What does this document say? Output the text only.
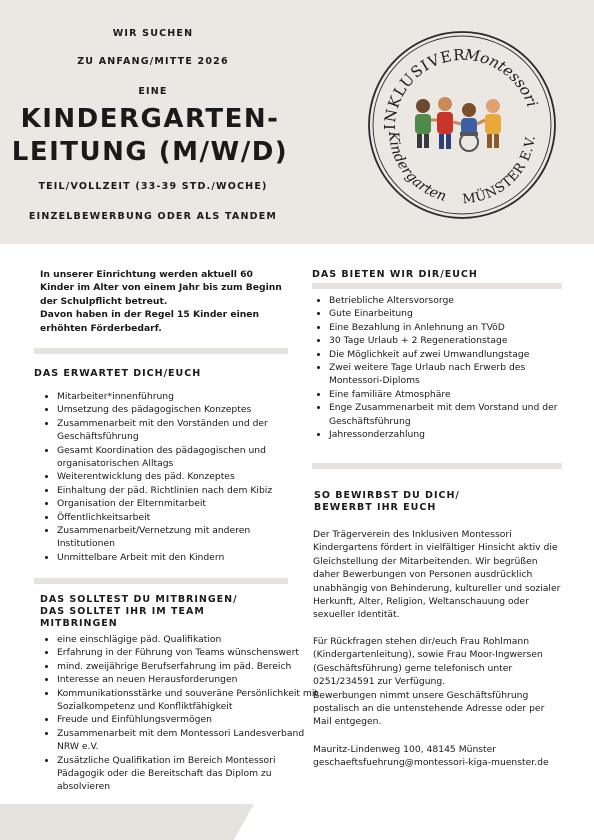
WIR SUCHEN
ZU ANFANG/MITTE 2026
EINE
KINDERGARTEN-
LEITUNG (M/W/D)
TEIL/VOLLZEIT (33-39 STD./WOCHE)
EINZELBEWERBUNG ODER ALS TANDEM
INKLUSIVER
Montessori
Kindergarten MÜNSTER E.V.

In unserer Einrichtung werden aktuell 60 Kinder im Alter von einem Jahr bis zum Beginn der Schulpflicht betreut.

Davon haben in der Regel 15 Kinder einen erhöhten Förderbedarf.

DAS ERWARTET DICH/EUCH
• Mitarbeiter*innenführung
• Umsetzung des pädagogischen Konzeptes
• Zusammenarbeit mit den Vorständen und der Geschäftsführung
• Gesamt Koordination des pädagogischen und organisatorischen Alltags
• Weiterentwicklung des päd. Konzeptes
• Einhaltung der päd. Richtlinien nach dem Kibiz
• Organisation der Elternmitarbeit
• Öffentlichkeitsarbeit
• Zusammenarbeit/Vernetzung mit anderen Institutionen
• Unmittelbare Arbeit mit den Kindern
DAS SOLLTEST DU MITBRINGEN/
DAS SOLLTET IHR IM TEAM
MITBRINGEN
• eine einschlägige päd. Qualifikation
• Erfahrung in der Führung von Teams wünschenswert
• mind. zweijährige Berufserfahrung im päd. Bereich
• Interesse an neuen Herausforderungen
• Kommunikationsstärke und souveräne Persönlichkeit mit Sozialkompetenz und Konfliktfähigkeit
• Freude und Einfühlungsvermögen
• Zusammenarbeit mit dem Montessori Landesverband NRW e.V.
• Zusätzliche Qualifikation im Bereich Montessori Pädagogik oder die Bereitschaft das Diplom zu absolvieren
DAS BIETEN WIR DIR/EUCH
• Betriebliche Altersvorsorge
• Gute Einarbeitung
• Eine Bezahlung in Anlehnung an TVöD
• 30 Tage Urlaub + 2 Regenerationstage
• Die Möglichkeit auf zwei Umwandlungstage
• Zwei weitere Tage Urlaub nach Erwerb des Montessori-Diploms
• Eine familiäre Atmosphäre
• Enge Zusammenarbeit mit dem Vorstand und der Geschäftsführung
• Jahressonderzahlung
SO BEWIRBST DU DICH/
BEWERBT IHR EUCH

Der Trägerverein des Inklusiven Montessori Kindergartens fördert in vielfältiger Hinsicht aktiv die Gleichstellung der Mitarbeitenden. Wir begrüßen daher Bewerbungen von Personen ausdrücklich unabhängig von Behinderung, kultureller und sozialer Herkunft, Alter, Religion, Weltanschauung oder sexueller Identität.

Für Rückfragen stehen dir/euch Frau Rohlmann (Kindergartenleitung), sowie Frau Moor-Ingwersen (Geschäftsführung) gerne telefonisch unter 0251/234591 zur Verfügung.

Bewerbungen nimmt unsere Geschäftsführung postalisch an die untenstehende Adresse oder per Mail entgegen.

Mauritz-Lindenweg 100, 48145 Münster

geschaeftsfuehrung@montessori-kiga-muenster.de
